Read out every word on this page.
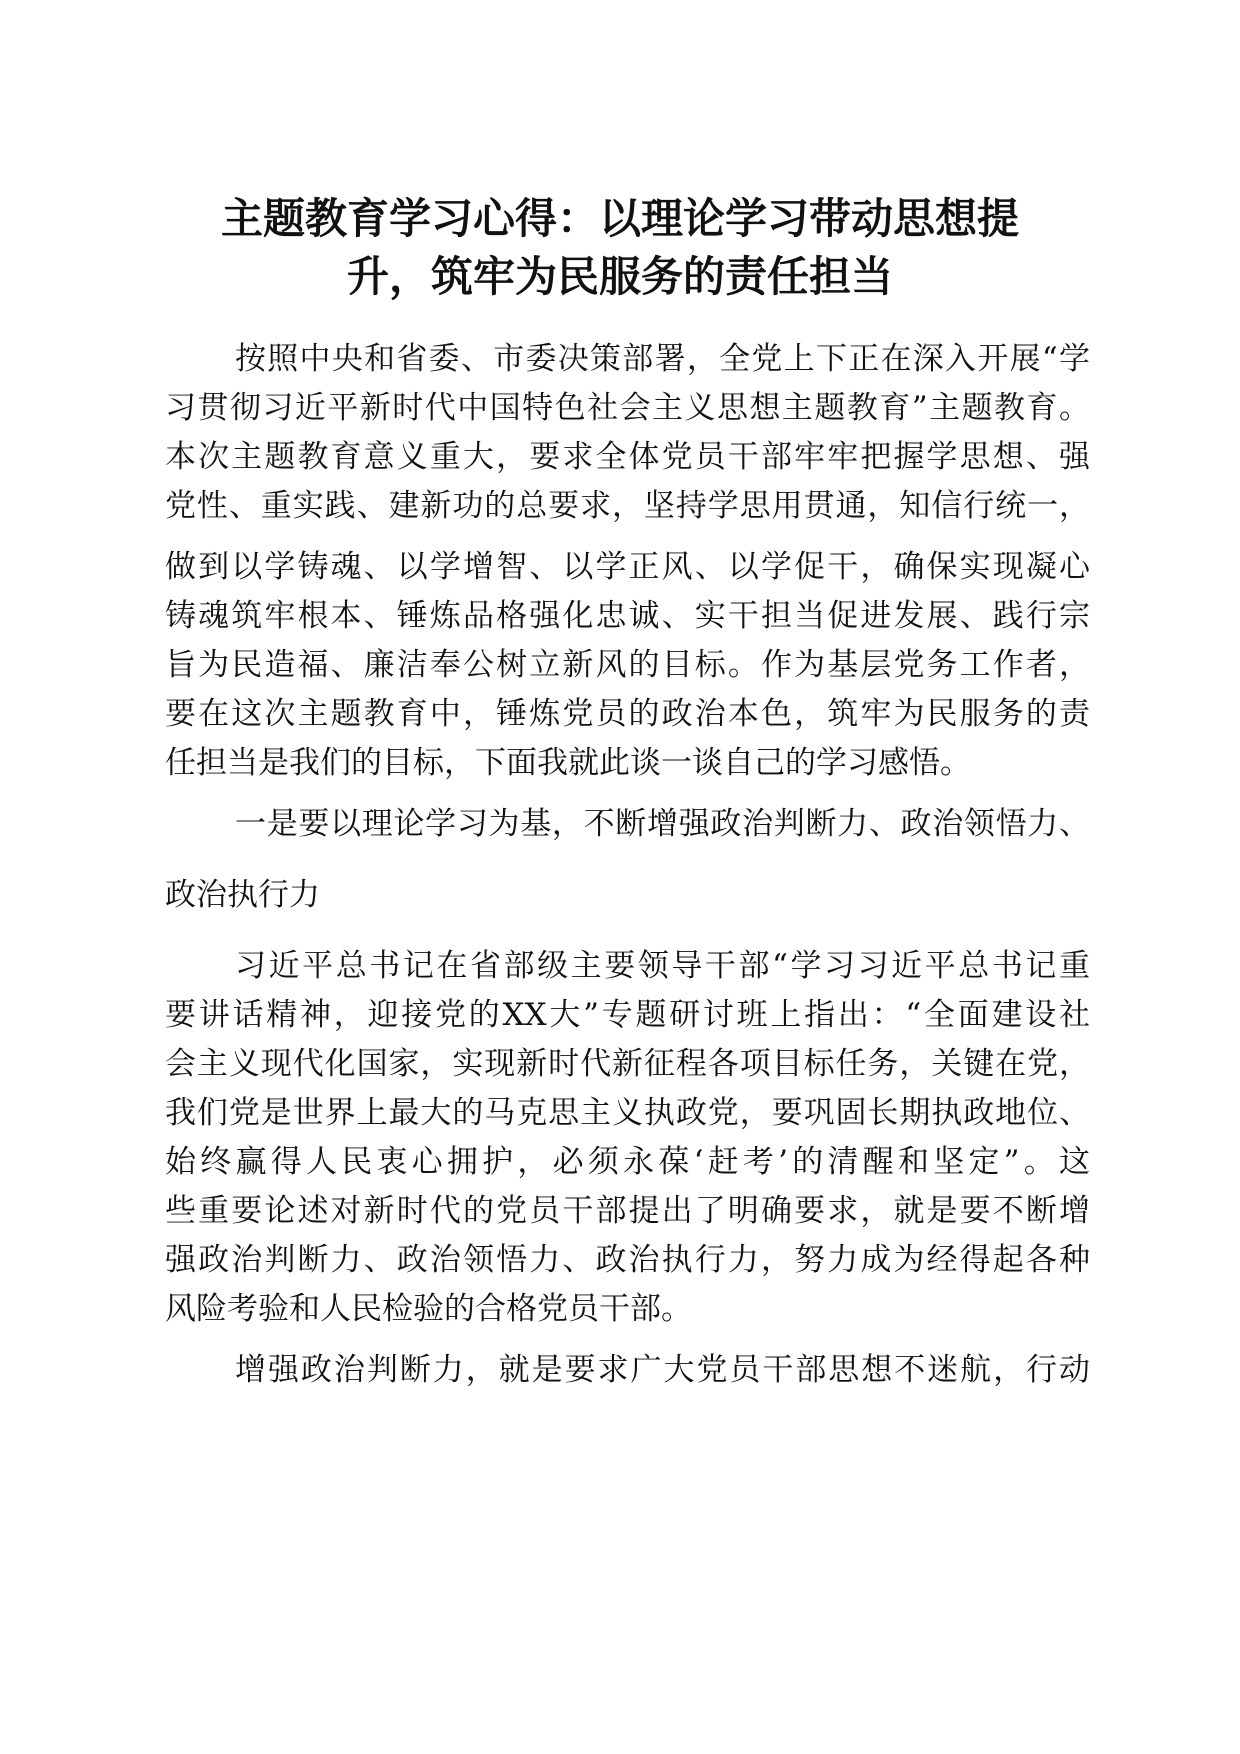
主题教育学习心得：以理论学习带动思想提
升，筑牢为民服务的责任担当
按照中央和省委、市委决策部署，全党上下正在深入开展“学
习贯彻习近平新时代中国特色社会主义思想主题教育”主题教育。
本次主题教育意义重大，要求全体党员干部牢牢把握学思想、强
党性、重实践、建新功的总要求，坚持学思用贯通，知信行统一，
做到以学铸魂、以学增智、以学正风、以学促干，确保实现凝心
铸魂筑牢根本、锤炼品格强化忠诚、实干担当促进发展、践行宗
旨为民造福、廉洁奉公树立新风的目标。作为基层党务工作者，
要在这次主题教育中，锤炼党员的政治本色，筑牢为民服务的责
任担当是我们的目标，下面我就此谈一谈自己的学习感悟。
一是要以理论学习为基，不断增强政治判断力、政治领悟力、
政治执行力
习近平总书记在省部级主要领导干部“学习习近平总书记重
要讲话精神，迎接党的XX大”专题研讨班上指出：“全面建设社
会主义现代化国家，实现新时代新征程各项目标任务，关键在党，
我们党是世界上最大的马克思主义执政党，要巩固长期执政地位、
始终赢得人民衷心拥护，必须永葆‘赶考’的清醒和坚定”。这
些重要论述对新时代的党员干部提出了明确要求，就是要不断增
强政治判断力、政治领悟力、政治执行力，努力成为经得起各种
风险考验和人民检验的合格党员干部。
增强政治判断力，就是要求广大党员干部思想不迷航，行动
